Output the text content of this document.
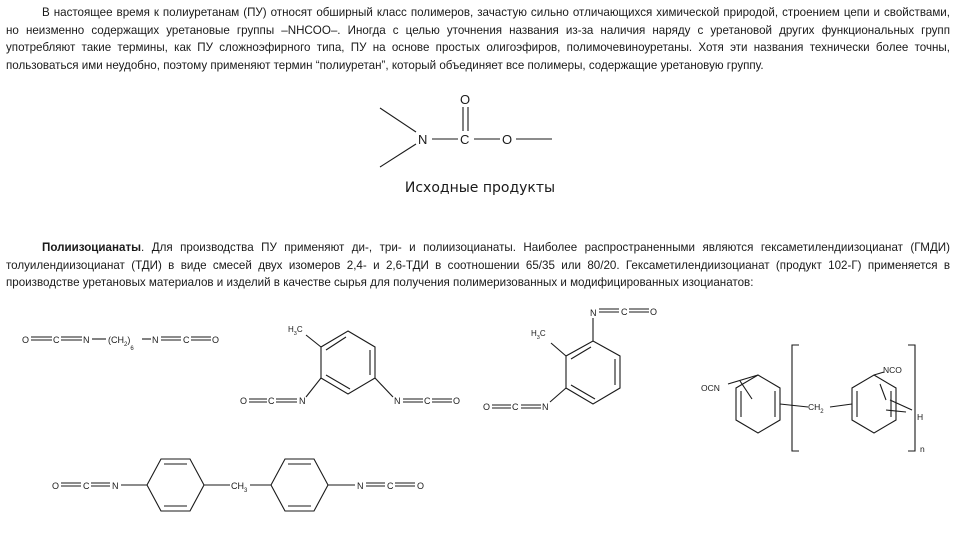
В настоящее время к полиуретанам (ПУ) относят обширный класс полимеров, зачастую сильно отличающихся химической природой, строением цепи и свойствами, но неизменно содержащих уретановые группы –NHCOO–. Иногда с целью уточнения названия из-за наличия наряду с уретановой других функциональных групп употребляют такие термины, как ПУ сложноэфирного типа, ПУ на основе простых олигоэфиров, полимочевиноуретаны. Хотя эти названия технически более точны, пользоваться ими неудобно, поэтому применяют термин “полиуретан”, который объединяет все полимеры, содержащие уретановую группу.

N	C
O
O
Исходные продукты

Полиизоцианаты. Для производства ПУ применяют ди-, три- и полиизоцианаты. Наиболее распространенными являются гексаметилендиизоцианат (ГМДИ) толуилендиизоцианат (ТДИ) в виде смесей двух изомеров 2,4- и 2,6-ТДИ в соотношении 65/35 или 80/20. Гексаметилендиизоцианат (продукт 102-Г) применяется в производстве уретановых материалов и изделий в качестве сырья для получения полимеризованных и модифицированных изоцианатов:

O	C	N $(CH_2)_6$
N	C	O
$H_3C$
N
C
O	N	C	O
N	C	O
$H_3C$
N
C
O
OCN
$CH_2$
NCO
H
n
O	C	N	$CH_3$	N	C	O
